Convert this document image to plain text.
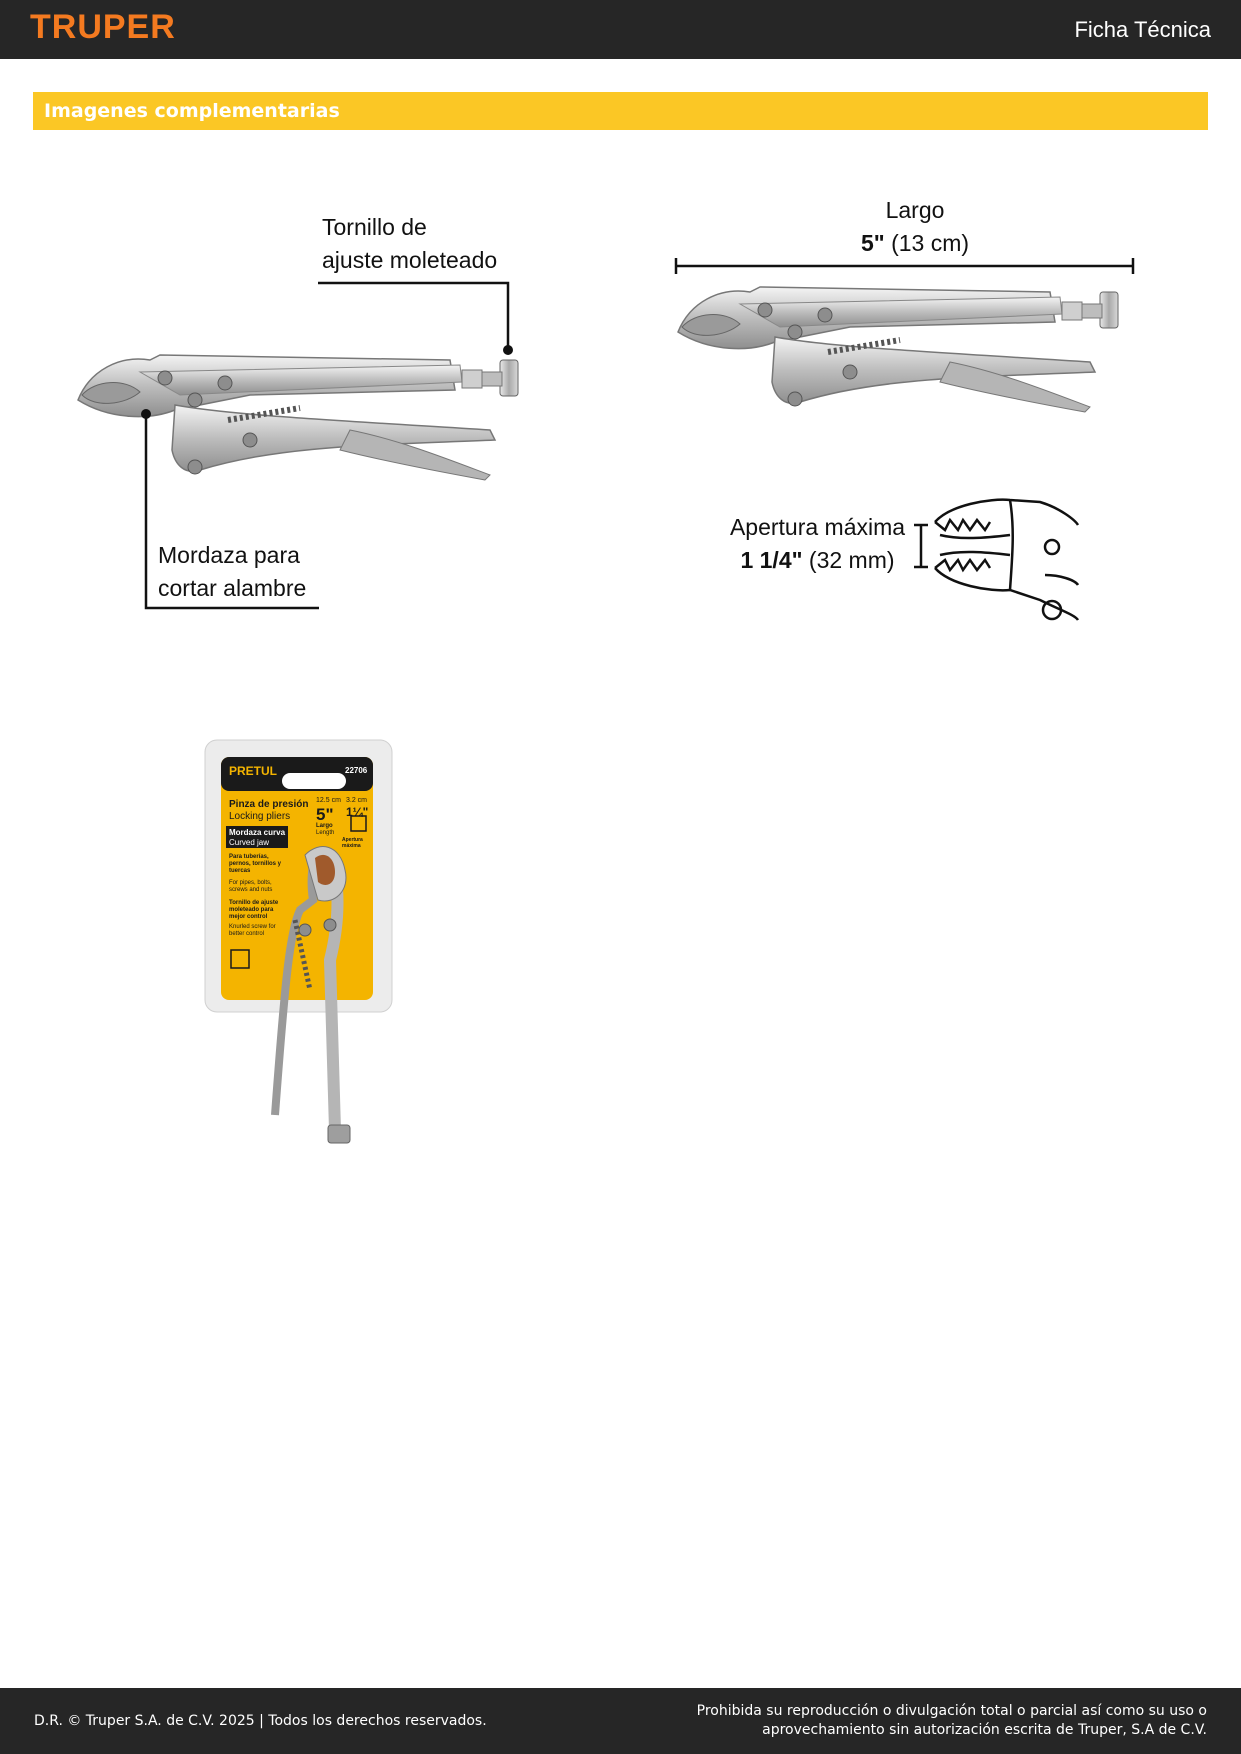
TRUPER	Ficha Técnica
Imagenes complementarias
PRETUL	22706
Pinza de presión
Locking pliers
Mordaza curva
Curved jaw
12.5 cm
5"
Largo
Length
3.2 cm
1¼"
Apertura máxima
Para tuberías, pernos, tornillos y tuercas
For pipes, bolts, screws and nuts
Tornillo de ajuste moleteado para mejor control
Knurled screw for better control
Tornillo de
ajuste moleteado
Mordaza para
cortar alambre
Largo
5" (13 cm)
Apertura máxima
1 1/4" (32 mm)
D.R. © Truper S.A. de C.V. 2025 | Todos los derechos reservados.
Prohibida su reproducción o divulgación total o parcial así como su uso o
aprovechamiento sin autorización escrita de Truper, S.A de C.V.
